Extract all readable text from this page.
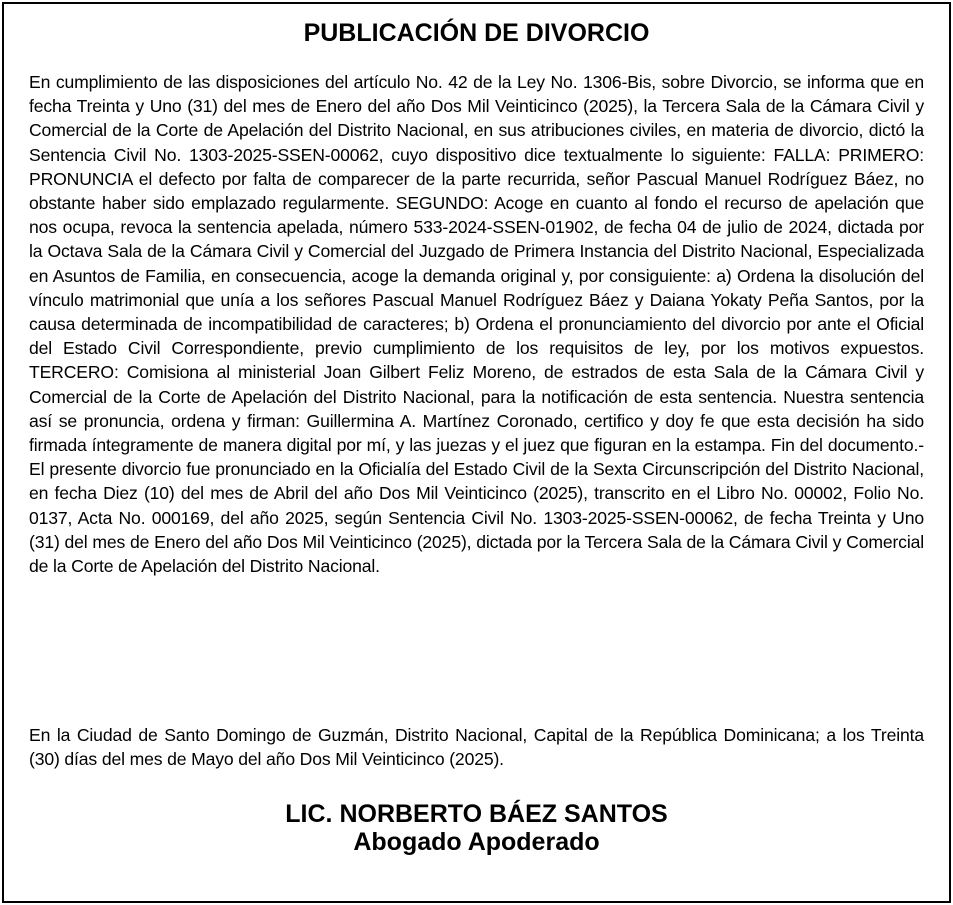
PUBLICACIÓN DE DIVORCIO

En cumplimiento de las disposiciones del artículo No. 42 de la Ley No. 1306-Bis, sobre Divorcio, se informa que en fecha Treinta y Uno (31) del mes de Enero del año Dos Mil Veinticinco (2025), la Tercera Sala de la Cámara Civil y Comercial de la Corte de Apelación del Distrito Nacional, en sus atribuciones civiles, en materia de divorcio, dictó la Sentencia Civil No. 1303-2025-SSEN-00062, cuyo dispositivo dice textualmente lo siguiente: FALLA: PRIMERO: PRONUNCIA el defecto por falta de comparecer de la parte recurrida, señor Pascual Manuel Rodríguez Báez, no obstante haber sido emplazado regularmente. SEGUNDO: Acoge en cuanto al fondo el recurso de apelación que nos ocupa, revoca la sentencia apelada, número 533-2024-SSEN-01902, de fecha 04 de julio de 2024, dictada por la Octava Sala de la Cámara Civil y Comercial del Juzgado de Primera Instancia del Distrito Nacional, Especializada en Asuntos de Familia, en consecuencia, acoge la demanda original y, por consiguiente: a) Ordena la disolución del vínculo matrimonial que unía a los señores Pascual Manuel Rodríguez Báez y Daiana Yokaty Peña Santos, por la causa determinada de incompatibilidad de caracteres; b) Ordena el pronunciamiento del divorcio por ante el Oficial del Estado Civil Correspondiente, previo cumplimiento de los requisitos de ley, por los motivos expuestos. TERCERO: Comisiona al ministerial Joan Gilbert Feliz Moreno, de estrados de esta Sala de la Cámara Civil y Comercial de la Corte de Apelación del Distrito Nacional, para la notificación de esta sentencia. Nuestra sentencia así se pronuncia, ordena y firman: Guillermina A. Martínez Coronado, certifico y doy fe que esta decisión ha sido firmada íntegramente de manera digital por mí, y las juezas y el juez que figuran en la estampa. Fin del documento.- El presente divorcio fue pronunciado en la Oficialía del Estado Civil de la Sexta Circunscripción del Distrito Nacional, en fecha Diez (10) del mes de Abril del año Dos Mil Veinticinco (2025), transcrito en el Libro No. 00002, Folio No. 0137, Acta No. 000169, del año 2025, según Sentencia Civil No. 1303-2025-SSEN-00062, de fecha Treinta y Uno (31) del mes de Enero del año Dos Mil Veinticinco (2025), dictada por la Tercera Sala de la Cámara Civil y Comercial de la Corte de Apelación del Distrito Nacional.

En la Ciudad de Santo Domingo de Guzmán, Distrito Nacional, Capital de la República Dominicana; a los Treinta (30) días del mes de Mayo del año Dos Mil Veinticinco (2025).

LIC. NORBERTO BÁEZ SANTOS
Abogado Apoderado
